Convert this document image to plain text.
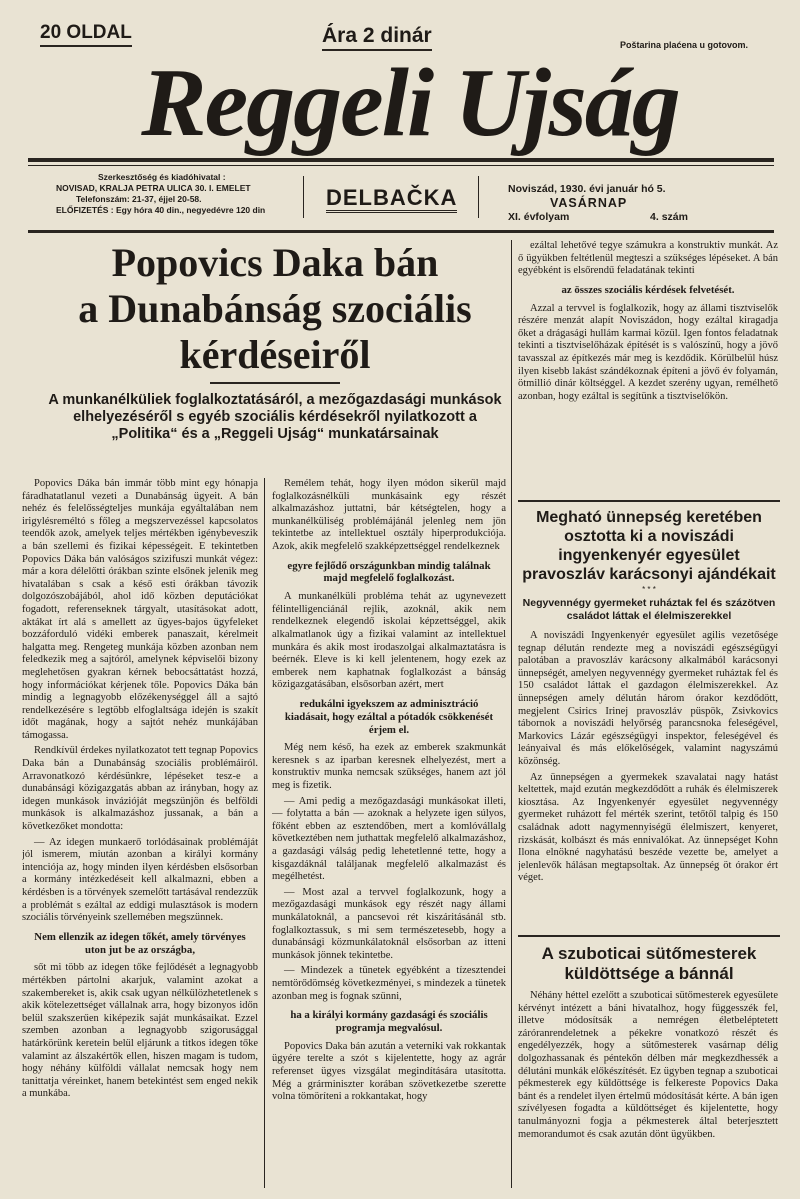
20 OLDAL	Ára 2 dinár	Poštarina plaćena u gotovom.
Reggeli Ujság
Szerkesztőség és kiadóhivatal :
NOVISAD, KRALJA PETRA ULICA 30. I. EMELET
Telefonszám: 21-37, éjjel 20-58.
ELŐFIZETÉS : Egy hóra 40 din., negyedévre 120 din	DELBAČKA	Noviszád, 1930. évi január hó 5.
VASÁRNAP
XI. évfolyam	4. szám
Popovics Daka bán
a Dunabánság szociális
kérdéseiről
A munkanélküliek foglalkoztatásáról, a mezőgazdasági munkások elhelyezéséről s egyéb szociális kérdésekről nyilatkozott a „Politika“ és a „Reggeli Ujság“ munkatársainak

Popovics Dáka bán immár több mint egy hónapja fáradhatatlanul vezeti a Dunabánság ügyeit. A bán nehéz és felelősségteljes munkája egyáltalában nem irigylésreméltó s főleg a megszervezéssel kapcsolatos teendők azok, amelyek teljes mértékben igénybeveszik a bán szellemi és fizikai képességeit. E tekintetben Popovics Dáka bán valóságos szizifuszi munkát végez: már a kora délelőtti órákban szinte elsőnek jelenik meg hivatalában s csak a késő esti órákban távozik dolgozószobájából, ahol idő közben deputációkat fogadott, referenseknek tárgyalt, utasításokat adott, aktákat írt alá s amellett az ügyes-bajos ügyfeleket bozzáforduló vidéki emberek panaszait, kérelmeit halgatta meg. Rengeteg munkája közben azonban nem feledkezik meg a sajtóról, amelynek képviselői bizony meglehetősen gyakran kérnek bebocsáttatást hozzá, hogy információkat kérjenek tőle. Popovics Dáka bán mindig a legnagyobb előzékenységgel áll a sajtó rendelkezésére s legtöbb elfoglaltsága idején is szakít időt magának, hogy a sajtót nehéz munkájában támogassa.

Rendkívül érdekes nyilatkozatot tett tegnap Popovics Daka bán a Dunabánság szociális problémáiról. Arravonatkozó kérdésünkre, lépéseket tesz-e a dunabánsági közigazgatás abban az irányban, hogy az idegen munkások invázióját megszünjön és belföldi munkások is alkalmazáshoz jussanak, a bán a következőket mondotta:

— Az idegen munkaerő torlódásainak problémáját jól ismerem, miután azonban a királyi kormány intenciója az, hogy minden ilyen kérdésben elsősorban a kormány intézkedéseit kell alkalmazni, ebben a kérdésben is a törvények szemelőtt tartásával rendezzük a problémát s ezáltal az eddigi mulasztások is modern szociális törvényeink szellemében megszünnek.

Nem ellenzik az idegen tőkét, amely törvényes uton jut be az országba,

sőt mi több az idegen tőke fejlődését a legnagyobb mértékben pártolni akarjuk, valamint azokat a szakembereket is, akik csak ugyan nélkülözhetetlenek s akik kötelezettséget vállalnak arra, hogy bizonyos időn belül szakszerűen kiképezik saját munkásaikat. Ezzel szemben azonban a legnagyobb szigorusággal határkörünk keretein belül eljárunk a titkos idegen tőke valamint az álszakértők ellen, hiszen magam is tudom, hogy néhány külföldi vállalat nemcsak hogy nem tanittatja véreinket, hanem betekintést sem enged nekik a munkába.

Remélem tehát, hogy ilyen módon sikerül majd foglalkozásnélküli munkásaink egy részét alkalmazáshoz juttatni, bár kétségtelen, hogy a munkanélküliség problémájánál jelenleg nem jön tekintetbe az intellektuel osztály hiperprodukciója. Azok, akik megfelelő szakképzettséggel rendelkeznek

egyre fejlődő országunkban mindig találnak majd megfelelő foglalkozást.

A munkanélküli probléma tehát az ugynevezett félintelligenciánál rejlik, azoknál, akik nem rendelkeznek elegendő iskolai képzettséggel, akik alkalmatlanok úgy a fizikai valamint az intellektuel munkára és akik most irodaszolgai alkalmaztatásra is beérnék. Eleve is ki kell jelentenem, hogy ezek az emberek nem kaphatnak foglalkozást a bánság közigazgatásában, elsősorban azért, mert

redukálni igyekszem az adminisztráció kiadásait, hogy ezáltal a pótadók csökkenését érjem el.

Még nem késő, ha ezek az emberek szakmunkát keresnek s az iparban keresnek elhelyezést, mert a konstruktiv munka nemcsak szükséges, hanem azt jól meg is fizetik.

— Ami pedig a mezőgazdasági munkásokat illeti, — folytatta a bán — azoknak a helyzete igen súlyos, főként ebben az esztendőben, mert a komlóvállalg következtében nem juthattak megfelelő alkalmazáshoz, a gazdasági válság pedig lehetetlenné tette, hogy a kisgazdáknál találjanak megfelelő alkalmazást és megélhetést.

— Most azal a tervvel foglalkozunk, hogy a mezőgazdasági munkások egy részét nagy állami munkálatoknál, a pancsevoi rét kiszáritásánál stb. foglalkoztassuk, s mi sem természetesebb, hogy a dunabánsági közmunkálatoknál elsősorban az itteni munkások jönnek tekintetbe.

— Mindezek a tünetek egyébként a tízesztendei nemtörődömség következményei, s mindezek a tünetek azonban meg is fognak szünni,

ha a királyi kormány gazdasági és szociális programja megvalósul.

Popovics Daka bán azután a veterniki vak rokkantak ügyére terelte a szót s kijelentette, hogy az agrár referenset ügyes vizsgálat megindítására utasította. Még a grárminiszter korában szövetkezetbe szerette volna tömöríteni a rokkantakat, hogy

ezáltal lehetővé tegye számukra a konstruktiv munkát. Az ő ügyükben feltétlenül megteszi a szükséges lépéseket. A bán egyébként is elsőrendű feladatának tekinti

az összes szociális kérdések felvetését.

Azzal a tervvel is foglalkozik, hogy az állami tisztviselők részére menzát alapít Noviszádon, hogy ezáltal kiragadja őket a drágasági hullám karmai közül. Igen fontos feladatnak tekinti a tisztviselőházak építését is s valószínű, hogy a jövő tavasszal az építkezés már meg is kezdődik. Körülbelül húsz ilyen kisebb lakást szándékoznak építeni a jövő év folyamán, ötmillió dinár költséggel. A kezdet szerény ugyan, remélhető azonban, hogy ezáltal is segítünk a tisztviselőkön.

Megható ünnepség keretében osztotta ki a noviszádi ingyenkenyér egyesület pravoszláv karácsonyi ajándékait
* * *
Negyvennégy gyermeket ruháztak fel és százötven családot láttak el élelmiszerekkel

A noviszádi Ingyenkenyér egyesület agilis vezetősége tegnap délután rendezte meg a noviszádi egészségügyi palotában a pravoszláv karácsony alkalmából karácsonyi ünnepségét, amelyen negyvennégy gyermeket ruháztak fel és 150 családot láttak el gazdagon élelmiszerekkel. Az ünnepségen amely délután három órakor kezdődött, megjelent Csirics Irinej pravoszláv püspök, Zsivkovics tábornok a noviszádi helyőrség parancsnoka feleségével, Markovics Lázár egészségügyi inspektor, feleségével és leányaival és más előkelőségek, valamint nagyszámú közönség.

Az ünnepségen a gyermekek szavalatai nagy hatást keltettek, majd ezután megkezdődött a ruhák és élelmiszerek kiosztása. Az Ingyenkenyér egyesület negyvennégy gyermeket ruházott fel mérték szerint, tetőtől talpig és 150 családnak adott nagymennyiségű élelmiszert, kenyeret, rizskását, kolbászt és más ennivalókat. Az ünnepséget Kohn Ilona elnökné nagyhatású beszéde vezette be, amelyet a jelenlevők hálásan megtapsoltak. Az ünnepség öt órakor ért véget.

A szuboticai sütőmesterek küldöttsége a bánnál

Néhány héttel ezelőtt a szuboticai sütőmesterek egyesülete kérvényt intézett a báni hivatalhoz, hogy függesszék fel, illetve módosítsák a nemrégen életbeléptetett záróranrendeletnek a pékekre vonatkozó részét és engedélyezzék, hogy a sütőmesterek vasárnap délig dolgozhassanak és péntekőn délben már megkezdhessék a délutáni munkák előkészítését. Ez ügyben tegnap a szuboticai pékmesterek egy küldöttsége is felkereste Popovics Daka bánt és a rendelet ilyen értelmű módosítását kérte. A bán igen szívélyesen fogadta a küldöttséget és kijelentette, hogy tanulmányozni fogja a pékmesterek által beterjesztett memorandumot és csak azután dönt ügyükben.
